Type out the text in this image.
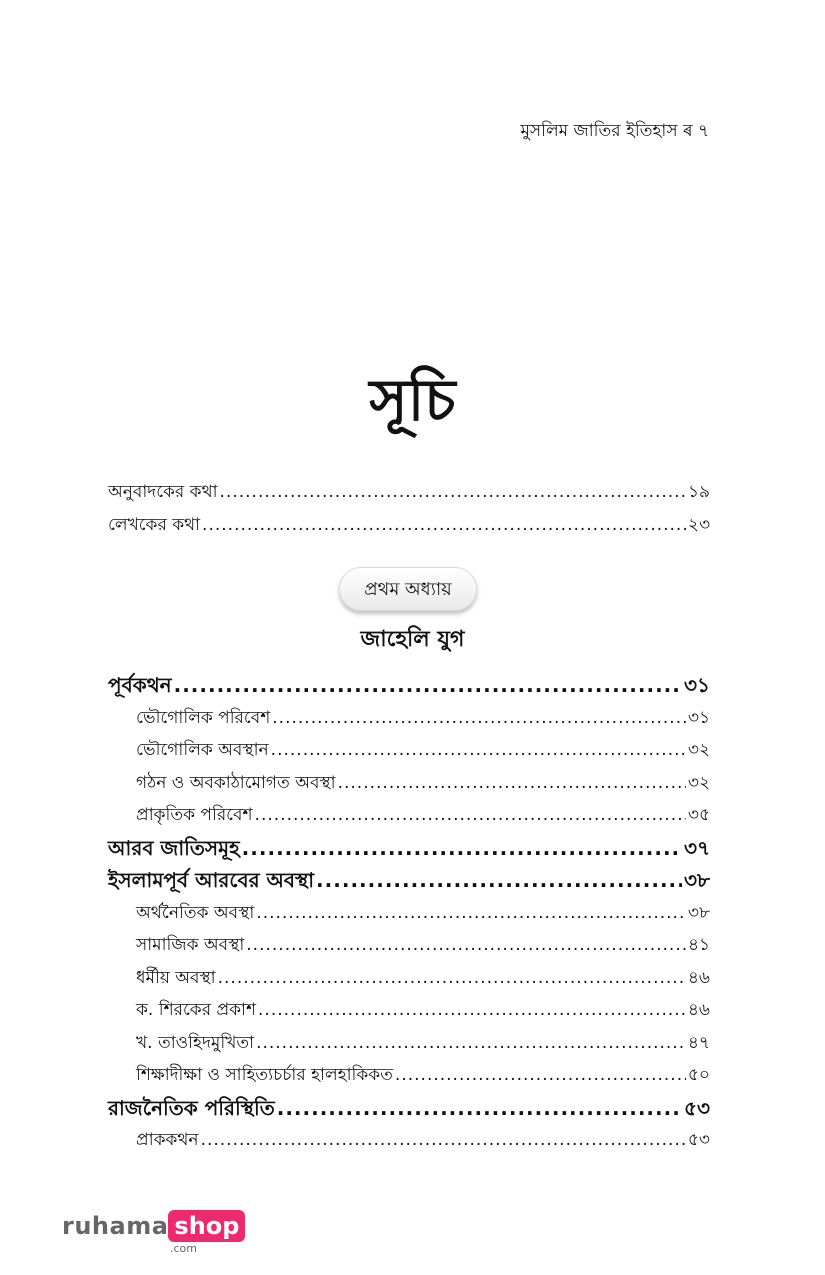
মুসলিম জাতির ইতিহাস ৰ ৭
সূচি
অনুবাদকের কথা .....	১৯
লেখকের কথা .....	২৩
প্রথম অধ্যায়
জাহেলি যুগ
পূর্বকথন .....	৩১
ভৌগোলিক পরিবেশ .....	৩১
ভৌগোলিক অবস্থান .....	৩২
গঠন ও অবকাঠামোগত অবস্থা .....	৩২
প্রাকৃতিক পরিবেশ .....	৩৫
আরব জাতিসমূহ .....	৩৭
ইসলামপূর্ব আরবের অবস্থা .....	৩৮
অর্থনৈতিক অবস্থা .....	৩৮
সামাজিক অবস্থা .....	৪১
ধর্মীয় অবস্থা .....	৪৬
ক. শিরকের প্রকাশ .....	৪৬
খ. তাওহিদমুখিতা .....	৪৭
শিক্ষাদীক্ষা ও সাহিত্যচর্চার হালহাকিকত .....	৫০
রাজনৈতিক পরিস্থিতি .....	৫৩
প্রাককথন .....	৫৩
ruhama shop
.com
